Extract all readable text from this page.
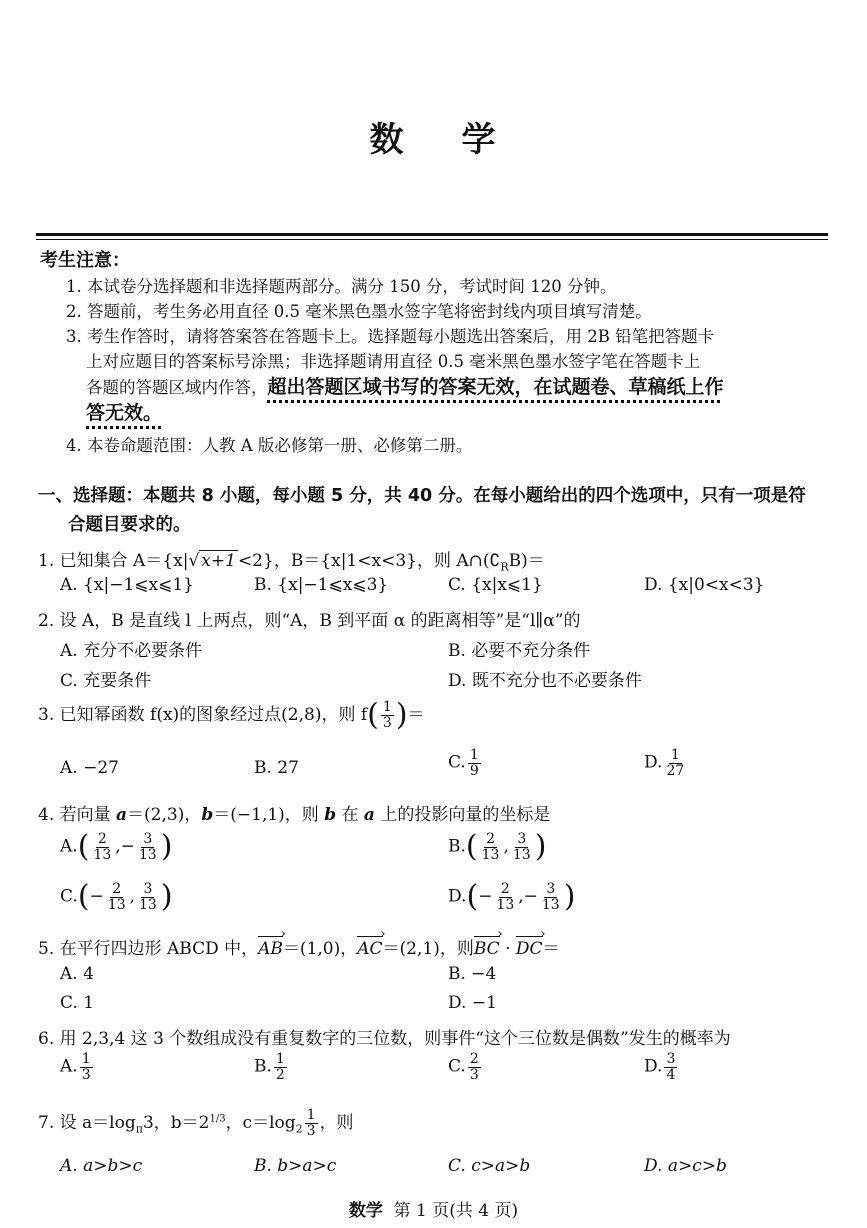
数 学
考生注意：
1. 本试卷分选择题和非选择题两部分。满分 150 分，考试时间 120 分钟。
2. 答题前，考生务必用直径 0.5 毫米黑色墨水签字笔将密封线内项目填写清楚。
3. 考生作答时，请将答案答在答题卡上。选择题每小题选出答案后，用 2B 铅笔把答题卡
上对应题目的答案标号涂黑；非选择题请用直径 0.5 毫米黑色墨水签字笔在答题卡上
各题的答题区域内作答，超出答题区域书写的答案无效，在试题卷、草稿纸上作
答无效。
4. 本卷命题范围：人教 A 版必修第一册、必修第二册。
一、选择题：本题共 8 小题，每小题 5 分，共 40 分。在每小题给出的四个选项中，只有一项是符
合题目要求的。
1. 已知集合 A＝{x|√ x+1 <2}，B＝{x|1<x<3}，则 $A\cap(∁_RB)=$
A. {x|−1⩽x⩽1}	B. {x|−1⩽x⩽3}	C. {x|x⩽1}	D. {x|0<x<3}
2. 设 A，B 是直线 l 上两点，则“A，B 到平面 α 的距离相等”是“l∥α”的
A. 充分不必要条件	B. 必要不充分条件
C. 充要条件	D. 既不充分也不必要条件
3. 已知幂函数 f(x)的图象经过点(2,8)，则 $f( \frac{1}{3}$ )＝
A. −27	B. 27	C. $\frac{1}{9}$	D. $\frac{1}{27}$
4. 若向量 a＝(2,3)，b＝(−1,1)，则 b 在 a 上的投影向量的坐标是
$A.( \frac{2}{13}$ ,− $\frac{3}{13}$ )	$B.( \frac{2}{13}$ , $\frac{3}{13}$ )
$C.(- \frac{2}{13}$ , $\frac{3}{13}$ )	$D.(- \frac{2}{13}$ ,− $\frac{3}{13}$ )
5. 在平行四边形 ABCD 中，AB ›＝(1,0)，AC ›＝(2,1)，则BC › · DC ›＝
A. 4	B. −4
C. 1	D. −1
6. 用 2,3,4 这 3 个数组成没有重复数字的三位数，则事件“这个三位数是偶数”发生的概率为
A. $\frac{1}{3}$	B. $\frac{1}{2}$	C. $\frac{2}{3}$	D. $\frac{3}{4}$
7. 设 $a=\log_\pi 3$，$b=2^{1/3}$，$c=\log_2 \frac{1}{3}$ ，则
A. a>b>c	B. b>a>c	C. c>a>b	D. a>c>b
数学 第 1 页(共 4 页)
